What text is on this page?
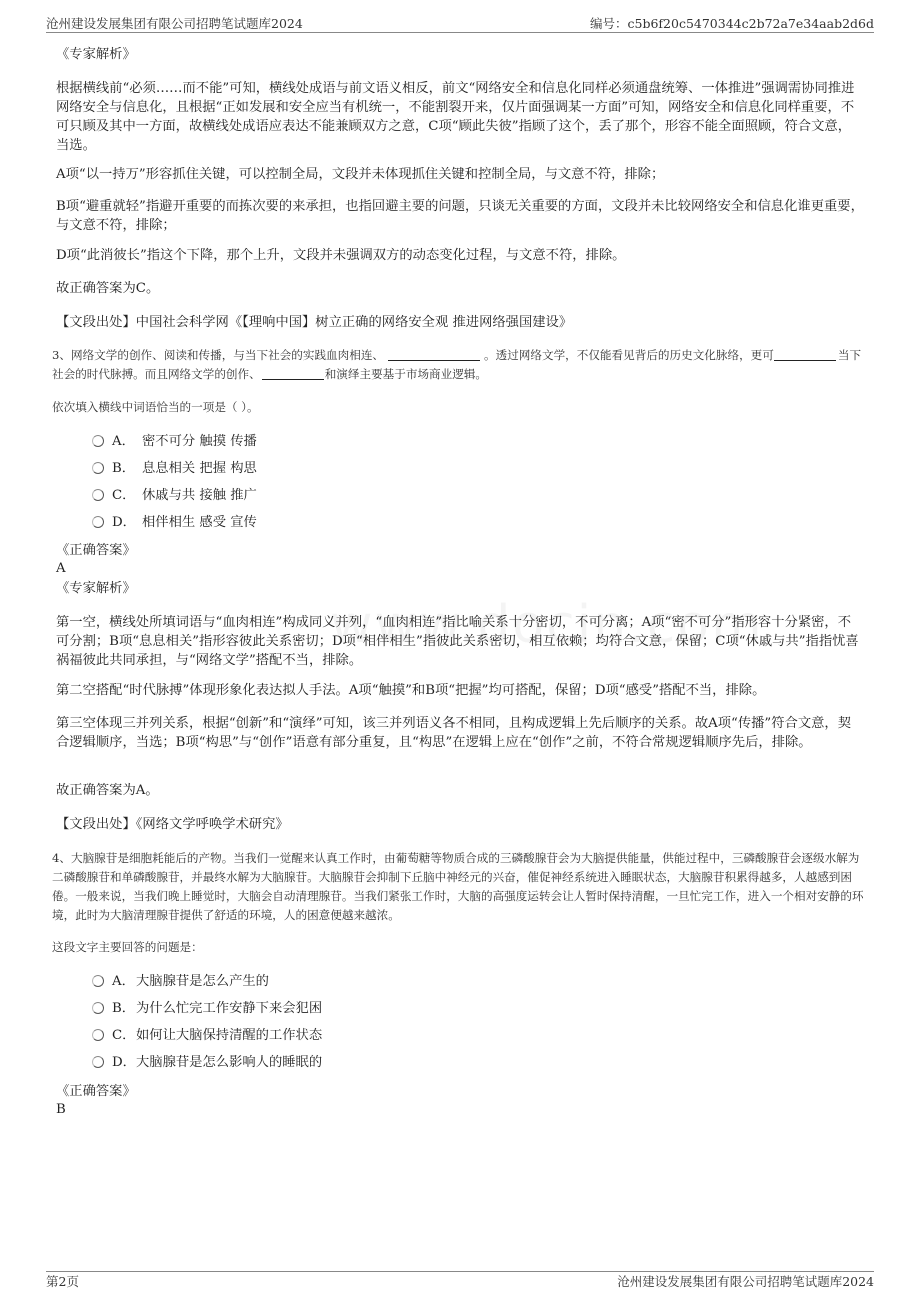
沧州建设发展集团有限公司招聘笔试题库2024	编号：c5b6f20c5470344c2b72a7e34aab2d6d
《专家解析》
根据横线前“必须……而不能”可知，横线处成语与前文语义相反，前文“网络安全和信息化同样必须通盘统筹、一体推进”强调需协同推进网络安全与信息化，且根据“正如发展和安全应当有机统一，不能割裂开来，仅片面强调某一方面”可知，网络安全和信息化同样重要，不可只顾及其中一方面，故横线处成语应表达不能兼顾双方之意，C项“顾此失彼”指顾了这个，丢了那个，形容不能全面照顾，符合文意，当选。
A项“以一持万”形容抓住关键，可以控制全局，文段并未体现抓住关键和控制全局，与文意不符，排除；
B项“避重就轻”指避开重要的而拣次要的来承担，也指回避主要的问题，只谈无关重要的方面，文段并未比较网络安全和信息化谁更重要，与文意不符，排除；
D项“此消彼长”指这个下降，那个上升，文段并未强调双方的动态变化过程，与文意不符，排除。
故正确答案为C。
【文段出处】中国社会科学网《【理响中国】树立正确的网络安全观 推进网络强国建设》
3、网络文学的创作、阅读和传播，与当下社会的实践血肉相连、	。透过网络文学，不仅能看见背后的历史文化脉络，更可	当下社会的时代脉搏。而且网络文学的创作、	和演绎主要基于市场商业逻辑。
依次填入横线中词语恰当的一项是（ ）。
A． 密不可分 触摸 传播
B． 息息相关 把握 构思
C． 休戚与共 接触 推广
D． 相伴相生 感受 宣传
《正确答案》
A
《专家解析》
第一空，横线处所填词语与“血肉相连”构成同义并列，“血肉相连”指比喻关系十分密切，不可分离；A项“密不可分”指形容十分紧密，不可分割；B项“息息相关”指形容彼此关系密切；D项“相伴相生”指彼此关系密切，相互依赖；均符合文意，保留；C项“休戚与共”指指忧喜祸福彼此共同承担，与“网络文学”搭配不当，排除。
第二空搭配“时代脉搏”体现形象化表达拟人手法。A项“触摸”和B项“把握”均可搭配，保留；D项“感受”搭配不当，排除。
第三空体现三并列关系，根据“创新”和“演绎”可知，该三并列语义各不相同，且构成逻辑上先后顺序的关系。故A项“传播”符合文意，契合逻辑顺序，当选；B项“构思”与“创作”语意有部分重复，且“构思”在逻辑上应在“创作”之前，不符合常规逻辑顺序先后，排除。
故正确答案为A。
【文段出处】《网络文学呼唤学术研究》
4、大脑腺苷是细胞耗能后的产物。当我们一觉醒来认真工作时，由葡萄糖等物质合成的三磷酸腺苷会为大脑提供能量，供能过程中，三磷酸腺苷会逐级水解为二磷酸腺苷和单磷酸腺苷，并最终水解为大脑腺苷。大脑腺苷会抑制下丘脑中神经元的兴奋，催促神经系统进入睡眠状态，大脑腺苷积累得越多，人越感到困倦。一般来说，当我们晚上睡觉时，大脑会自动清理腺苷。当我们紧张工作时，大脑的高强度运转会让人暂时保持清醒，一旦忙完工作，进入一个相对安静的环境，此时为大脑清理腺苷提供了舒适的环境，人的困意便越来越浓。
这段文字主要回答的问题是：
A．大脑腺苷是怎么产生的
B．为什么忙完工作安静下来会犯困
C．如何让大脑保持清醒的工作状态
D．大脑腺苷是怎么影响人的睡眠的
《正确答案》
B
第2页	沧州建设发展集团有限公司招聘笔试题库2024
